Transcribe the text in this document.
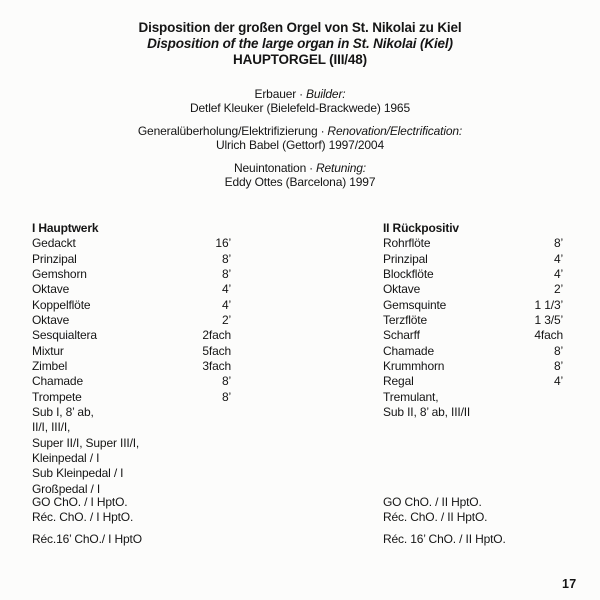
Disposition der großen Orgel von St. Nikolai zu Kiel
Disposition of the large organ in St. Nikolai (Kiel)
HAUPTORGEL (III/48)
Erbauer · Builder:
Detlef Kleuker (Bielefeld-Brackwede) 1965
Generalüberholung/Elektrifizierung · Renovation/Electrification:
Ulrich Babel (Gettorf) 1997/2004
Neuintonation · Retuning:
Eddy Ottes (Barcelona) 1997
I Hauptwerk
Gedackt	16’
Prinzipal	8’
Gemshorn	8’
Oktave	4’
Koppelflöte	4’
Oktave	2’
Sesquialtera	2fach
Mixtur	5fach
Zimbel	3fach
Chamade	8’
Trompete	8’
Sub I, 8’ ab,
II/I, III/I,
Super II/I, Super III/I,
Kleinpedal / I
Sub Kleinpedal / I
Großpedal / I
II Rückpositiv
Rohrflöte	8’
Prinzipal	4’
Blockflöte	4’
Oktave	2’
Gemsquinte	1 1/3’
Terzflöte	1 3/5’
Scharff	4fach
Chamade	8’
Krummhorn	8’
Regal	4’
Tremulant,
Sub II, 8’ ab, III/II
GO ChO. / I HptO.
Réc. ChO. / I HptO.
Réc.16’ ChO./ I HptO
GO ChO. / II HptO.
Réc. ChO. / II HptO.
Réc. 16’ ChO. / II HptO.
17
